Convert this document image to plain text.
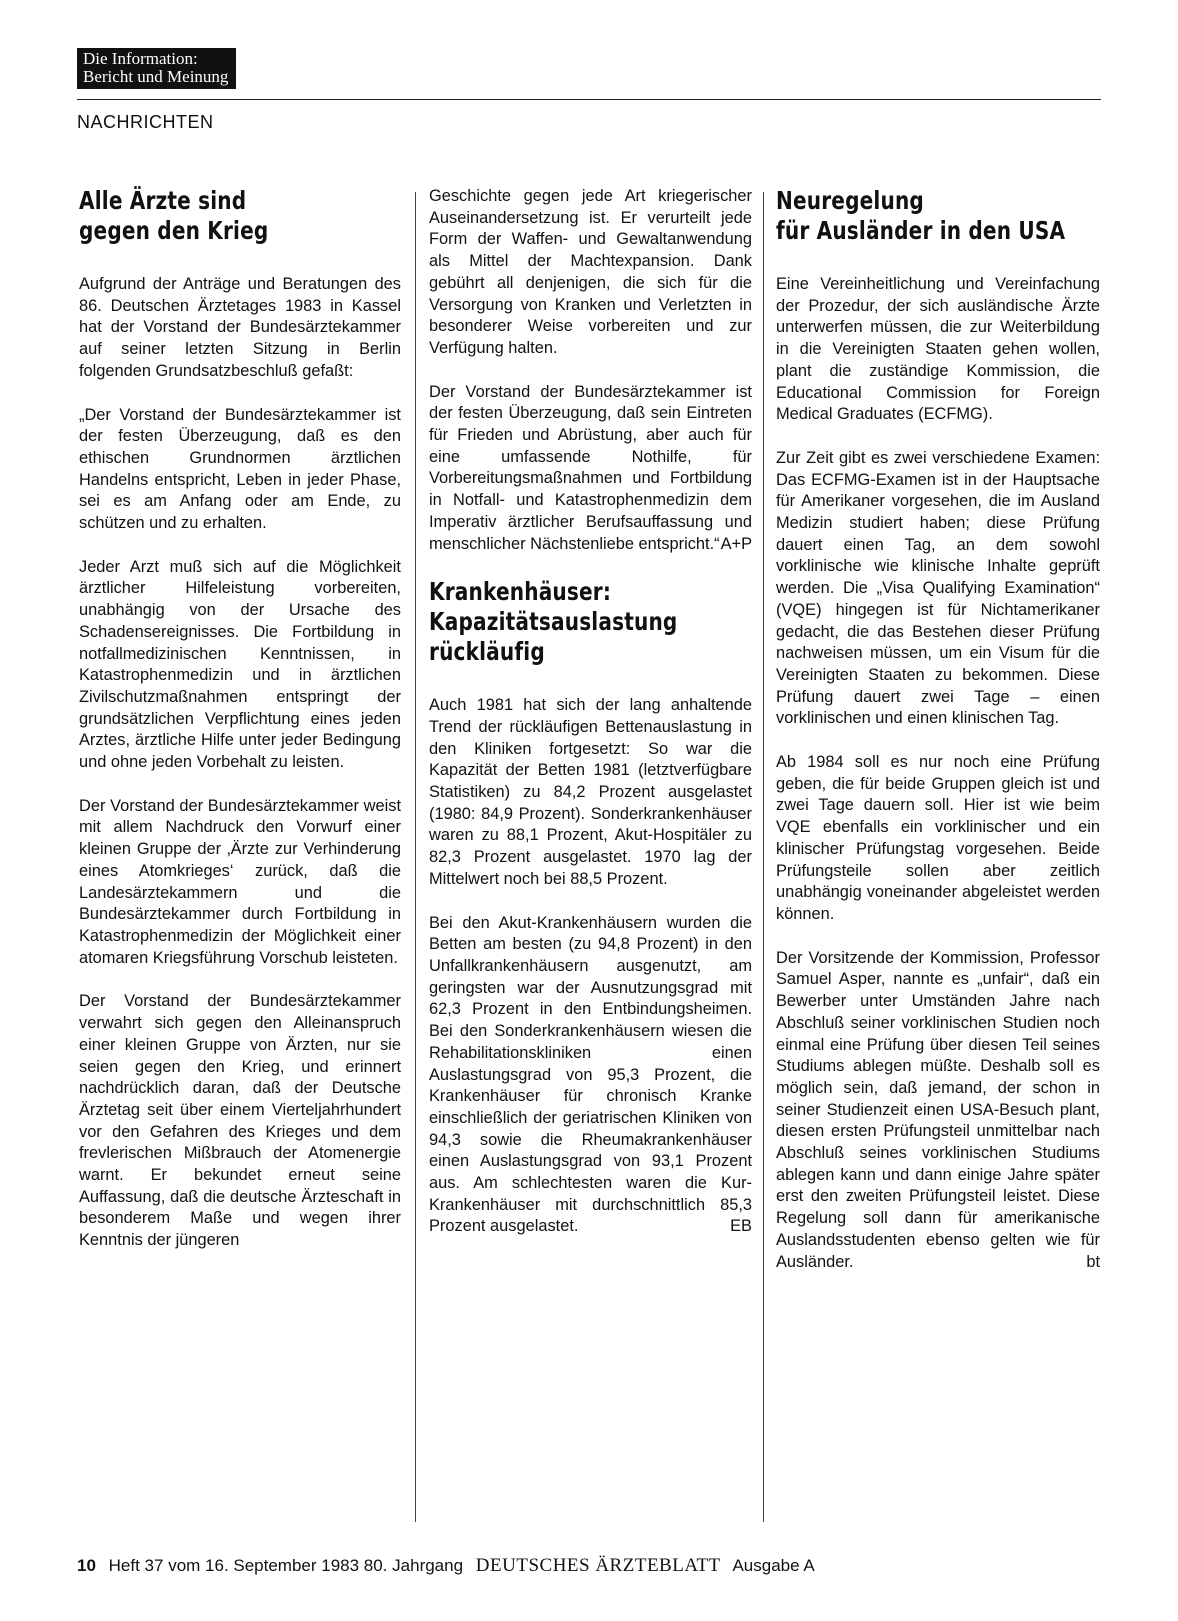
Die Information:
Bericht und Meinung
NACHRICHTEN
Alle Ärzte sind
gegen den Krieg

Aufgrund der Anträge und Beratungen des 86. Deutschen Ärztetages 1983 in Kassel hat der Vorstand der Bundesärztekammer auf seiner letzten Sitzung in Berlin folgenden Grundsatzbeschluß gefaßt:

„Der Vorstand der Bundesärztekammer ist der festen Überzeugung, daß es den ethischen Grundnormen ärztlichen Handelns entspricht, Leben in jeder Phase, sei es am Anfang oder am Ende, zu schützen und zu erhalten.

Jeder Arzt muß sich auf die Möglichkeit ärztlicher Hilfeleistung vorbereiten, unabhängig von der Ursache des Schadensereignisses. Die Fortbildung in notfallmedizinischen Kenntnissen, in Katastrophenmedizin und in ärztlichen Zivilschutzmaßnahmen entspringt der grundsätzlichen Verpflichtung eines jeden Arztes, ärztliche Hilfe unter jeder Bedingung und ohne jeden Vorbehalt zu leisten.

Der Vorstand der Bundesärztekammer weist mit allem Nachdruck den Vorwurf einer kleinen Gruppe der ‚Ärzte zur Verhinderung eines Atomkrieges‘ zurück, daß die Landesärztekammern und die Bundesärztekammer durch Fortbildung in Katastrophenmedizin der Möglichkeit einer atomaren Kriegsführung Vorschub leisteten.

Der Vorstand der Bundesärztekammer verwahrt sich gegen den Alleinanspruch einer kleinen Gruppe von Ärzten, nur sie seien gegen den Krieg, und erinnert nachdrücklich daran, daß der Deutsche Ärztetag seit über einem Vierteljahrhundert vor den Gefahren des Krieges und dem frevlerischen Mißbrauch der Atomenergie warnt. Er bekundet erneut seine Auffassung, daß die deutsche Ärzteschaft in besonderem Maße und wegen ihrer Kenntnis der jüngeren

Geschichte gegen jede Art kriegerischer Auseinandersetzung ist. Er verurteilt jede Form der Waffen- und Gewaltanwendung als Mittel der Machtexpansion. Dank gebührt all denjenigen, die sich für die Versorgung von Kranken und Verletzten in besonderer Weise vorbereiten und zur Verfügung halten.

Der Vorstand der Bundesärztekammer ist der festen Überzeugung, daß sein Eintreten für Frieden und Abrüstung, aber auch für eine umfassende Nothilfe, für Vorbereitungsmaßnahmen und Fortbildung in Notfall- und Katastrophenmedizin dem Imperativ ärztlicher Berufsauffassung und menschlicher Nächstenliebe entspricht.“ A+P

Krankenhäuser:
Kapazitätsauslastung
rückläufig

Auch 1981 hat sich der lang anhaltende Trend der rückläufigen Bettenauslastung in den Kliniken fortgesetzt: So war die Kapazität der Betten 1981 (letztverfügbare Statistiken) zu 84,2 Prozent ausgelastet (1980: 84,9 Prozent). Sonderkrankenhäuser waren zu 88,1 Prozent, Akut-Hospitäler zu 82,3 Prozent ausgelastet. 1970 lag der Mittelwert noch bei 88,5 Prozent.

Bei den Akut-Krankenhäusern wurden die Betten am besten (zu 94,8 Prozent) in den Unfallkrankenhäusern ausgenutzt, am geringsten war der Ausnutzungsgrad mit 62,3 Prozent in den Entbindungsheimen. Bei den Sonderkrankenhäusern wiesen die Rehabilitationskliniken einen Auslastungsgrad von 95,3 Prozent, die Krankenhäuser für chronisch Kranke einschließlich der geriatrischen Kliniken von 94,3 sowie die Rheumakrankenhäuser einen Auslastungsgrad von 93,1 Prozent aus. Am schlechtesten waren die Kur-Krankenhäuser mit durchschnittlich 85,3 Prozent ausgelastet.	EB

Neuregelung
für Ausländer in den USA

Eine Vereinheitlichung und Vereinfachung der Prozedur, der sich ausländische Ärzte unterwerfen müssen, die zur Weiterbildung in die Vereinigten Staaten gehen wollen, plant die zuständige Kommission, die Educational Commission for Foreign Medical Graduates (ECFMG).

Zur Zeit gibt es zwei verschiedene Examen: Das ECFMG-Examen ist in der Hauptsache für Amerikaner vorgesehen, die im Ausland Medizin studiert haben; diese Prüfung dauert einen Tag, an dem sowohl vorklinische wie klinische Inhalte geprüft werden. Die „Visa Qualifying Examination“ (VQE) hingegen ist für Nichtamerikaner gedacht, die das Bestehen dieser Prüfung nachweisen müssen, um ein Visum für die Vereinigten Staaten zu bekommen. Diese Prüfung dauert zwei Tage – einen vorklinischen und einen klinischen Tag.

Ab 1984 soll es nur noch eine Prüfung geben, die für beide Gruppen gleich ist und zwei Tage dauern soll. Hier ist wie beim VQE ebenfalls ein vorklinischer und ein klinischer Prüfungstag vorgesehen. Beide Prüfungsteile sollen aber zeitlich unabhängig voneinander abgeleistet werden können.

Der Vorsitzende der Kommission, Professor Samuel Asper, nannte es „unfair“, daß ein Bewerber unter Umständen Jahre nach Abschluß seiner vorklinischen Studien noch einmal eine Prüfung über diesen Teil seines Studiums ablegen müßte. Deshalb soll es möglich sein, daß jemand, der schon in seiner Studienzeit einen USA-Besuch plant, diesen ersten Prüfungsteil unmittelbar nach Abschluß seines vorklinischen Studiums ablegen kann und dann einige Jahre später erst den zweiten Prüfungsteil leistet. Diese Regelung soll dann für amerikanische Auslandsstudenten ebenso gelten wie für Ausländer.	bt

10 Heft 37 vom 16. September 1983 80. Jahrgang DEUTSCHES ÄRZTEBLATT Ausgabe A
